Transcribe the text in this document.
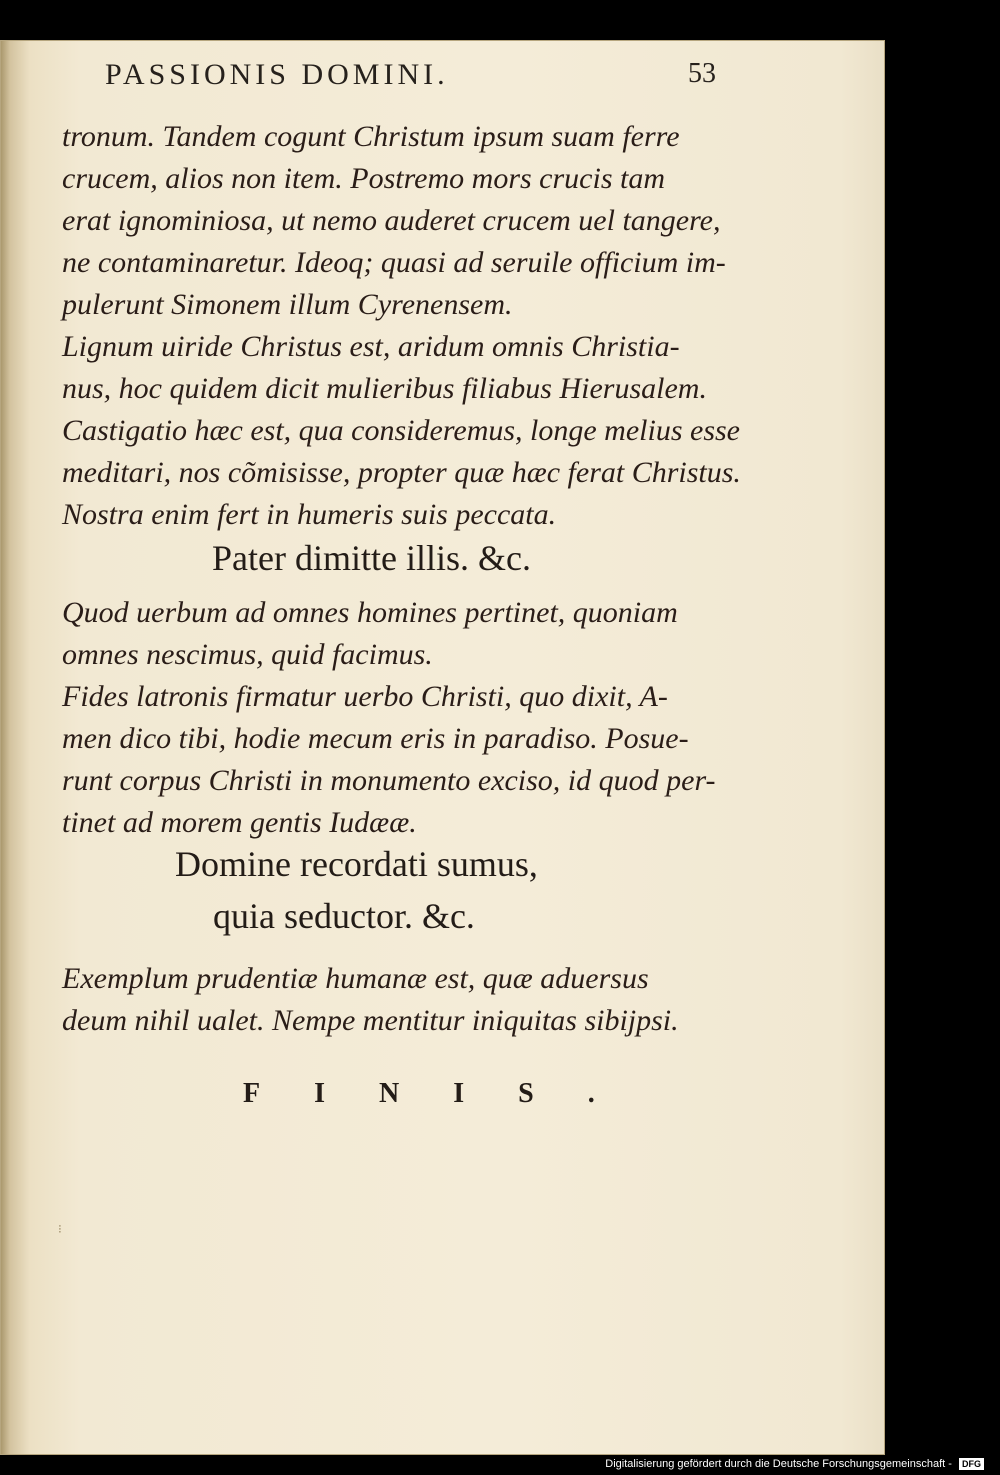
PASSIONIS DOMINI.	53
tronum. Tandem cogunt Christum ipsum suam ferre
crucem, alios non item. Postremo mors crucis tam
erat ignominiosa, ut nemo auderet crucem uel tangere,
ne contaminaretur. Ideoq; quasi ad seruile officium im-
pulerunt Simonem illum Cyrenensem.
Lignum uiride Christus est, aridum omnis Christia-
nus, hoc quidem dicit mulieribus filiabus Hierusalem.
Castigatio hæc est, qua consideremus, longe melius esse
meditari, nos cõmisisse, propter quæ hæc ferat Christus.
Nostra enim fert in humeris suis peccata.
Pater dimitte illis. &c.
Quod uerbum ad omnes homines pertinet, quoniam
omnes nescimus, quid facimus.
Fides latronis firmatur uerbo Christi, quo dixit, A-
men dico tibi, hodie mecum eris in paradiso. Posue-
runt corpus Christi in monumento exciso, id quod per-
tinet ad morem gentis Iudææ.
Domine recordati sumus,
quia seductor. &c.
Exemplum prudentiæ humanæ est, quæ aduersus
deum nihil ualet. Nempe mentitur iniquitas sibijpsi.
FINIS.
⁝
Digitalisierung gefördert durch die Deutsche Forschungsgemeinschaft - DFG
